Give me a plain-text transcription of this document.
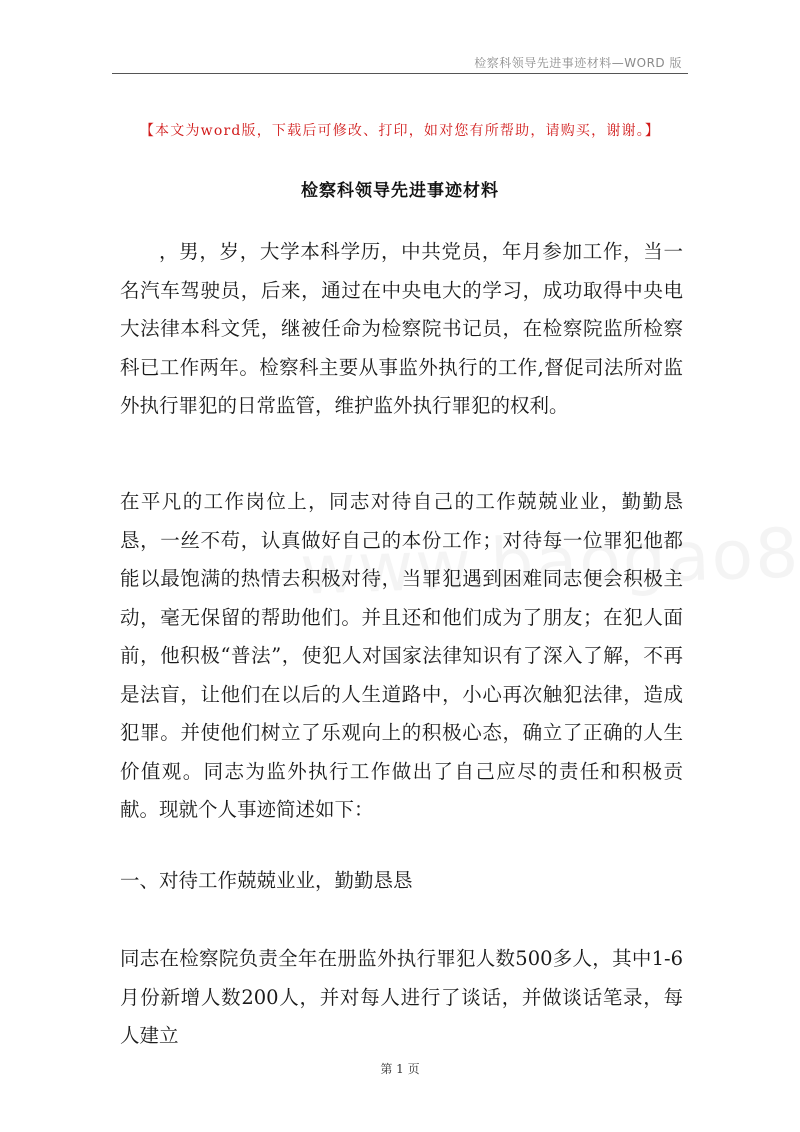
检察科领导先进事迹材料—WORD 版
【本文为word版，下载后可修改、打印，如对您有所帮助，请购买，谢谢。】
检察科领导先进事迹材料

，男，岁，大学本科学历，中共党员，年月参加工作，当一名汽车驾驶员，后来，通过在中央电大的学习，成功取得中央电大法律本科文凭，继被任命为检察院书记员，在检察院监所检察科已工作两年。检察科主要从事监外执行的工作,督促司法所对监外执行罪犯的日常监管，维护监外执行罪犯的权利。

在平凡的工作岗位上，同志对待自己的工作兢兢业业，勤勤恳恳，一丝不苟，认真做好自己的本份工作；对待每一位罪犯他都能以最饱满的热情去积极对待，当罪犯遇到困难同志便会积极主动，毫无保留的帮助他们。并且还和他们成为了朋友；在犯人面前，他积极“普法”，使犯人对国家法律知识有了深入了解，不再是法盲，让他们在以后的人生道路中，小心再次触犯法律，造成犯罪。并使他们树立了乐观向上的积极心态，确立了正确的人生价值观。同志为监外执行工作做出了自己应尽的责任和积极贡献。现就个人事迹简述如下：

一、对待工作兢兢业业，勤勤恳恳

同志在检察院负责全年在册监外执行罪犯人数500多人，其中1-6月份新增人数200人，并对每人进行了谈话，并做谈话笔录，每人建立

第 1 页
